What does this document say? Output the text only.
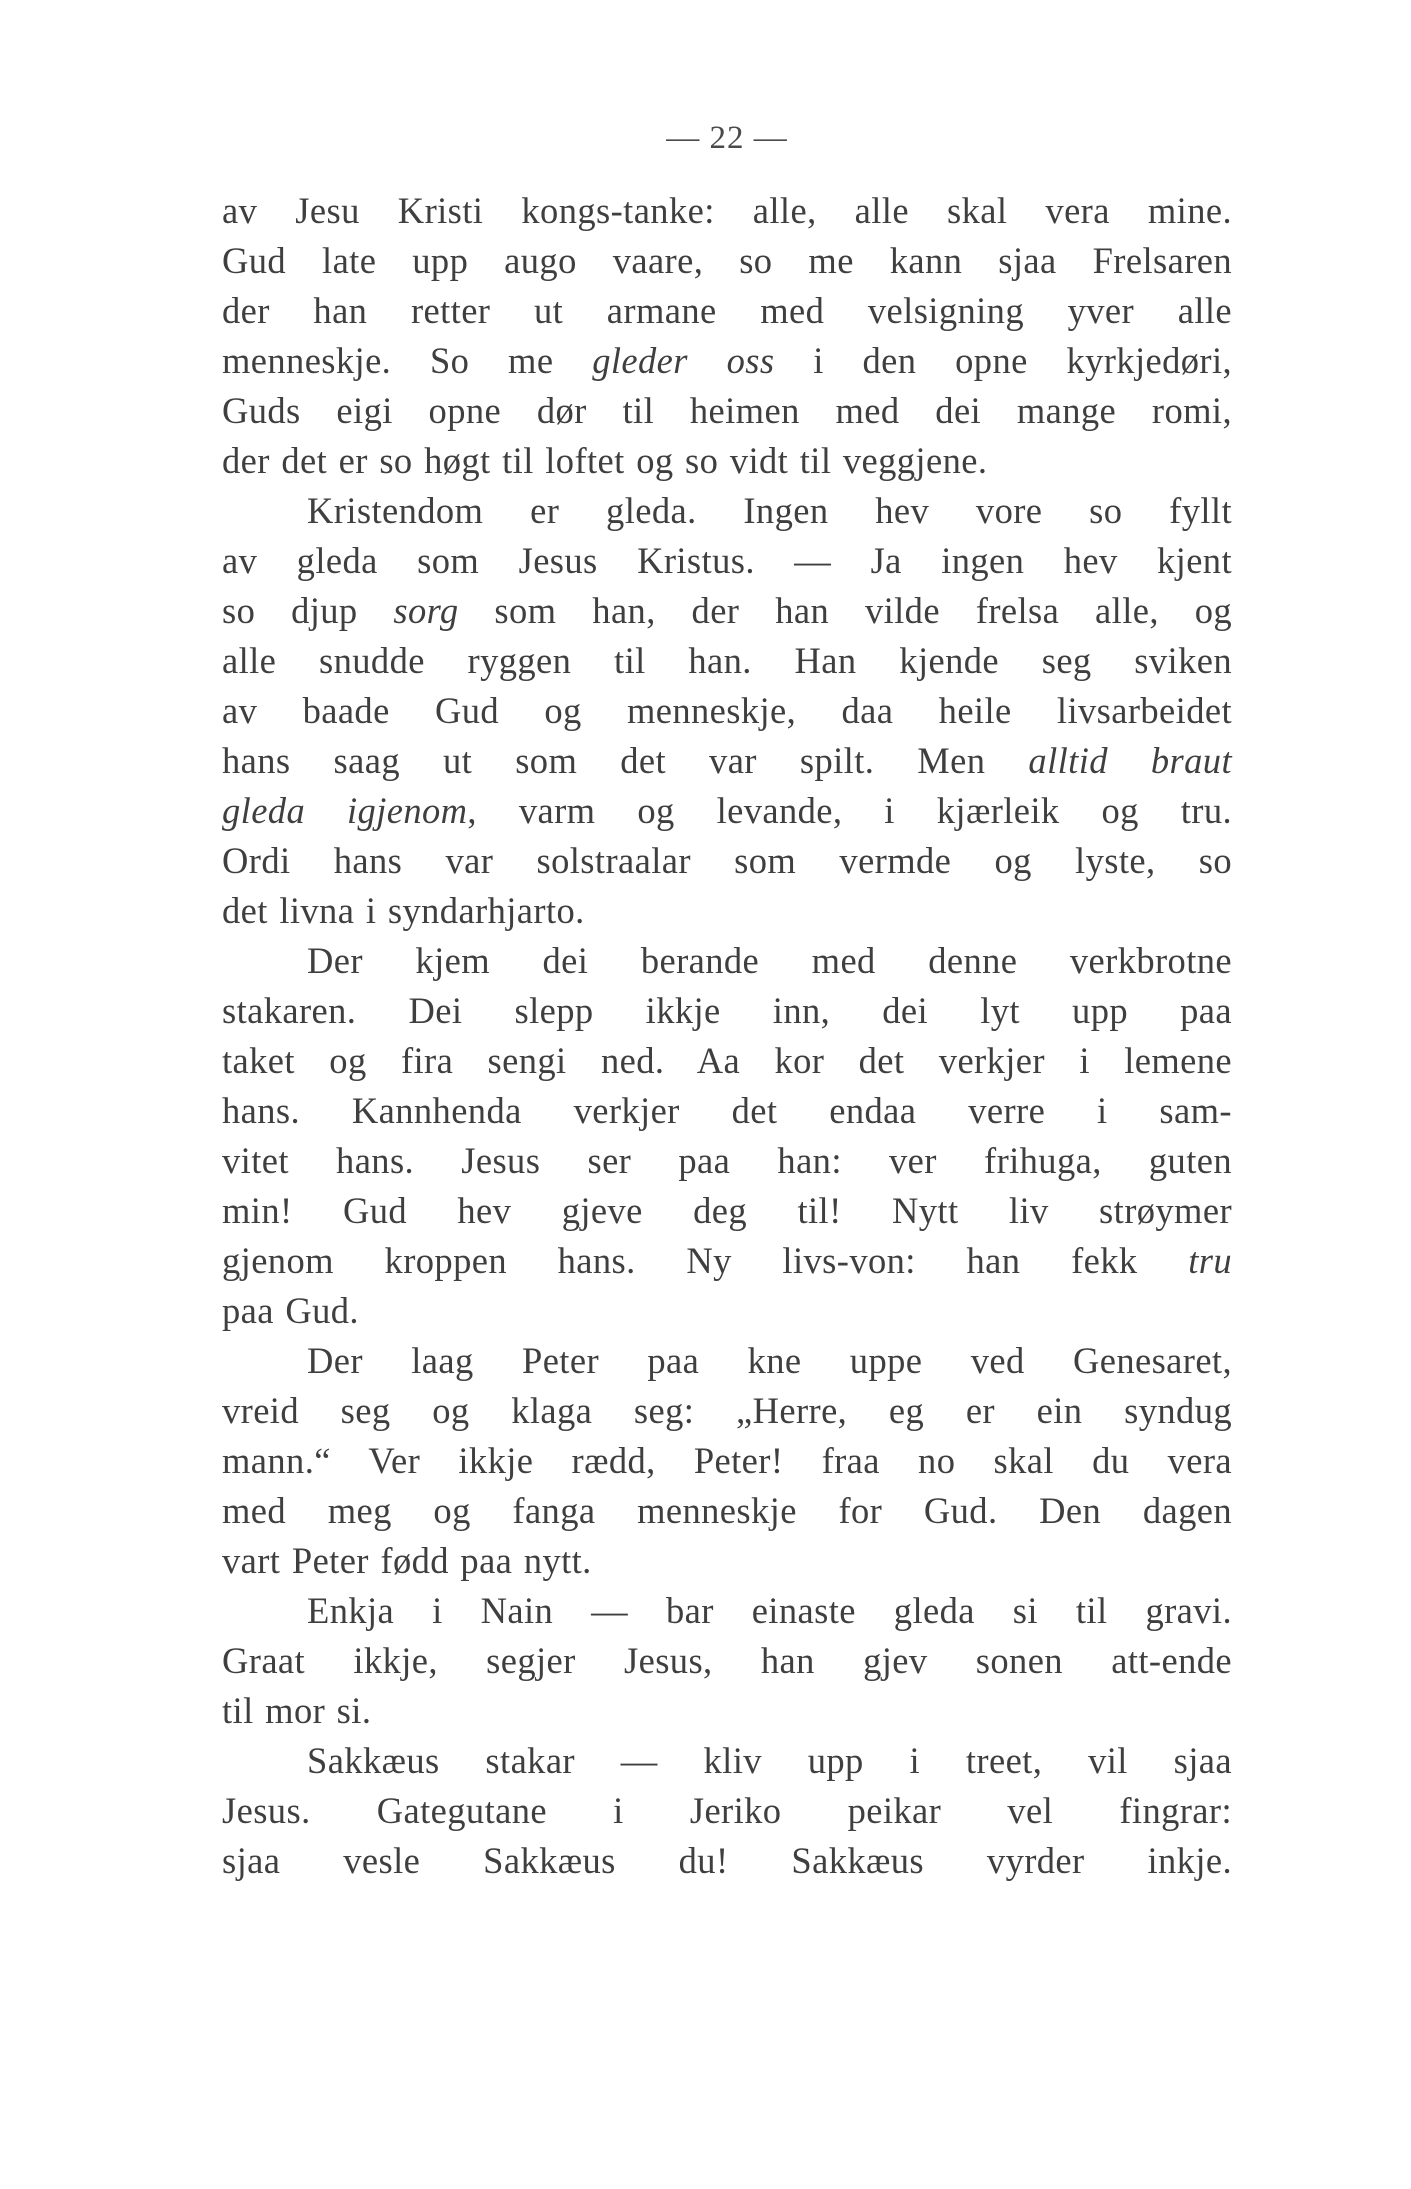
— 22 —
av Jesu Kristi kongs-tanke: alle, alle skal vera mine.
Gud late upp augo vaare, so me kann sjaa Frelsaren
der han retter ut armane med velsigning yver alle
menneskje. So me gleder oss i den opne kyrkjedøri,
Guds eigi opne dør til heimen med dei mange romi,
der det er so høgt til loftet og so vidt til veggjene.
Kristendom er gleda. Ingen hev vore so fyllt
av gleda som Jesus Kristus. — Ja ingen hev kjent
so djup sorg som han, der han vilde frelsa alle, og
alle snudde ryggen til han. Han kjende seg sviken
av baade Gud og menneskje, daa heile livsarbeidet
hans saag ut som det var spilt. Men alltid braut
gleda igjenom, varm og levande, i kjærleik og tru.
Ordi hans var solstraalar som vermde og lyste, so
det livna i syndarhjarto.
Der kjem dei berande med denne verkbrotne
stakaren. Dei slepp ikkje inn, dei lyt upp paa
taket og fira sengi ned. Aa kor det verkjer i lemene
hans. Kannhenda verkjer det endaa verre i sam-
vitet hans. Jesus ser paa han: ver frihuga, guten
min! Gud hev gjeve deg til! Nytt liv strøymer
gjenom kroppen hans. Ny livs-von: han fekk tru
paa Gud.
Der laag Peter paa kne uppe ved Genesaret,
vreid seg og klaga seg: „Herre, eg er ein syndug
mann.“ Ver ikkje rædd, Peter! fraa no skal du vera
med meg og fanga menneskje for Gud. Den dagen
vart Peter fødd paa nytt.
Enkja i Nain — bar einaste gleda si til gravi.
Graat ikkje, segjer Jesus, han gjev sonen att-ende
til mor si.
Sakkæus stakar — kliv upp i treet, vil sjaa
Jesus. Gategutane i Jeriko peikar vel fingrar:
sjaa vesle Sakkæus du! Sakkæus vyrder inkje.
